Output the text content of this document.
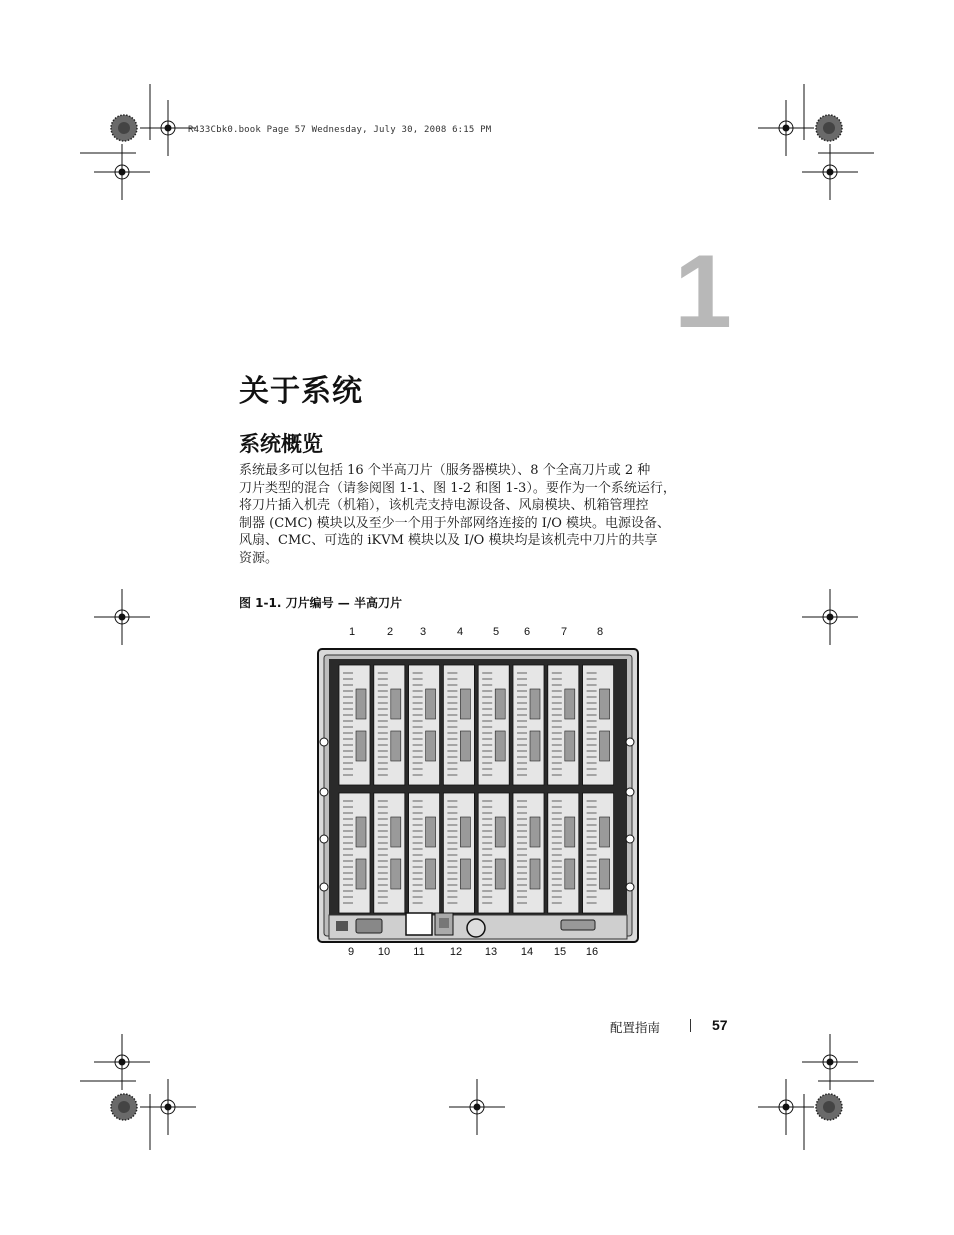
R433Cbk0.book Page 57 Wednesday, July 30, 2008 6:15 PM
1
关于系统
系统概览
系统最多可以包括 16 个半高刀片（服务器模块）、8 个全高刀片或 2 种
刀片类型的混合（请参阅图 1-1、图 1-2 和图 1-3）。要作为一个系统运行，
将刀片插入机壳（机箱），该机壳支持电源设备、风扇模块、机箱管理控
制器 (CMC) 模块以及至少一个用于外部网络连接的 I/O 模块。电源设备、
风扇、CMC、可选的 iKVM 模块以及 I/O 模块均是该机壳中刀片的共享
资源。
图 1-1. 刀片编号 — 半高刀片
1	2	3	4	5	6	7	8
9	10	11	12	13	14	15	16
配置指南	57
